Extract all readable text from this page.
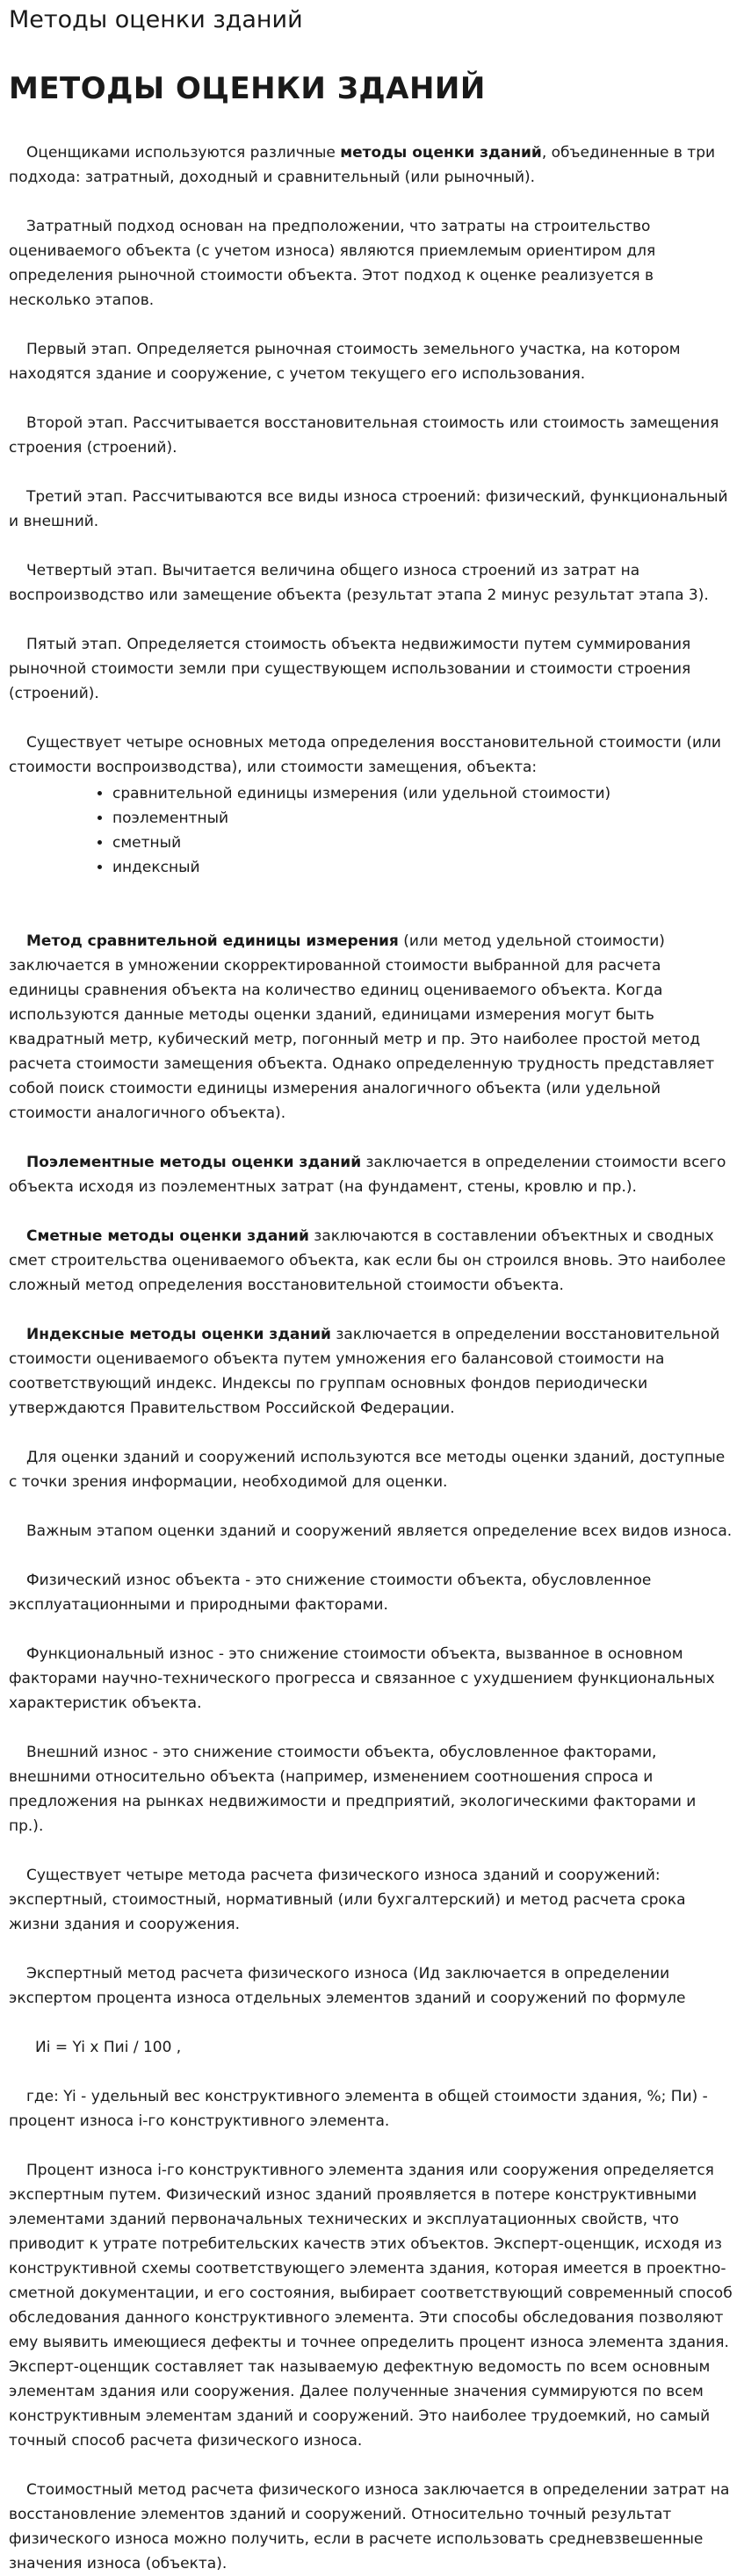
Методы оценки зданий
МЕТОДЫ ОЦЕНКИ ЗДАНИЙ

Оценщиками используются различные методы оценки зданий, объединенные в три подхода: затратный, доходный и сравнительный (или рыночный).

Затратный подход основан на предположении, что затраты на строительство оцениваемого объекта (с учетом износа) являются приемлемым ориентиром для определения рыночной стоимости объекта. Этот подход к оценке реализуется в несколько этапов.

Первый этап. Определяется рыночная стоимость земельного участка, на котором находятся здание и сооружение, с учетом текущего его использования.

Второй этап. Рассчитывается восстановительная стоимость или стоимость замещения строения (строений).

Третий этап. Рассчитываются все виды износа строений: физический, функциональный и внешний.

Четвертый этап. Вычитается величина общего износа строений из затрат на воспроизводство или замещение объекта (результат этапа 2 минус результат этапа 3).

Пятый этап. Определяется стоимость объекта недвижимости путем суммирования рыночной стоимости земли при существующем использовании и стоимости строения (строений).

Существует четыре основных метода определения восстановительной стоимости (или стоимости воспроизводства), или стоимости замещения, объекта:

• сравнительной единицы измерения (или удельной стоимости)
• поэлементный
• сметный
• индексный

Метод сравнительной единицы измерения (или метод удельной стоимости) заключается в умножении скорректированной стоимости выбранной для расчета единицы сравнения объекта на количество единиц оцениваемого объекта. Когда используются данные методы оценки зданий, единицами измерения могут быть квадратный метр, кубический метр, погонный метр и пр. Это наиболее простой метод расчета стоимости замещения объекта. Однако определенную трудность представляет собой поиск стоимости единицы измерения аналогичного объекта (или удельной стоимости аналогичного объекта).

Поэлементные методы оценки зданий заключается в определении стоимости всего объекта исходя из поэлементных затрат (на фундамент, стены, кровлю и пр.).

Сметные методы оценки зданий заключаются в составлении объектных и сводных смет строительства оцениваемого объекта, как если бы он строился вновь. Это наиболее сложный метод определения восстановительной стоимости объекта.

Индексные методы оценки зданий заключается в определении восстановительной стоимости оцениваемого объекта путем умножения его балансовой стоимости на соответствующий индекс. Индексы по группам основных фондов периодически утверждаются Правительством Российской Федерации.

Для оценки зданий и сооружений используются все методы оценки зданий, доступные с точки зрения информации, необходимой для оценки.

Важным этапом оценки зданий и сооружений является определение всех видов износа.

Физический износ объекта - это снижение стоимости объекта, обусловленное эксплуатационными и природными факторами.

Функциональный износ - это снижение стоимости объекта, вызванное в основном факторами научно-технического прогресса и связанное с ухудшением функциональных характеристик объекта.

Внешний износ - это снижение стоимости объекта, обусловленное факторами, внешними относительно объекта (например, изменением соотношения спроса и предложения на рынках недвижимости и предприятий, экологическими факторами и пр.).

Существует четыре метода расчета физического износа зданий и сооружений: экспертный, стоимостный, нормативный (или бухгалтерский) и метод расчета срока жизни здания и сооружения.

Экспертный метод расчета физического износа (Ид заключается в определении экспертом процента износа отдельных элементов зданий и сооружений по формуле

Иi = Yi х Пиi / 100 ,

где: Yi - удельный вес конструктивного элемента в общей стоимости здания, %; Пи) - процент износа i-го конструктивного элемента.

Процент износа i-го конструктивного элемента здания или сооружения определяется экспертным путем. Физический износ зданий проявляется в потере конструктивными элементами зданий первоначальных технических и эксплуатационных свойств, что приводит к утрате потребительских качеств этих объектов. Эксперт-оценщик, исходя из конструктивной схемы соответствующего элемента здания, которая имеется в проектно-сметной документации, и его состояния, выбирает соответствующий современный способ обследования данного конструктивного элемента. Эти способы обследования позволяют ему выявить имеющиеся дефекты и точнее определить процент износа элемента здания. Эксперт-оценщик составляет так называемую дефектную ведомость по всем основным элементам здания или сооружения. Далее полученные значения суммируются по всем конструктивным элементам зданий и сооружений. Это наиболее трудоемкий, но самый точный способ расчета физического износа.

Стоимостный метод расчета физического износа заключается в определении затрат на восстановление элементов зданий и сооружений. Относительно точный результат физического износа можно получить, если в расчете использовать средневзвешенные значения износа (объекта).
